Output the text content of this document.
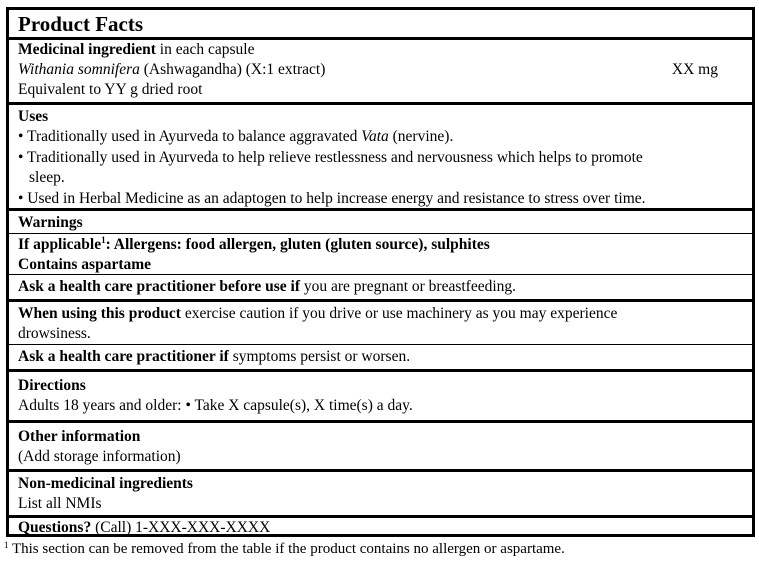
Product Facts
Medicinal ingredient in each capsule
Withania somnifera (Ashwagandha) (X:1 extract)	XX mg
Equivalent to YY g dried root
Uses
• Traditionally used in Ayurveda to balance aggravated Vata (nervine).
• Traditionally used in Ayurveda to help relieve restlessness and nervousness which helps to promote
sleep.
• Used in Herbal Medicine as an adaptogen to help increase energy and resistance to stress over time.
Warnings
If applicable$^1$: Allergens: food allergen, gluten (gluten source), sulphites
Contains aspartame
Ask a health care practitioner before use if you are pregnant or breastfeeding.
When using this product exercise caution if you drive or use machinery as you may experience
drowsiness.
Ask a health care practitioner if symptoms persist or worsen.
Directions
Adults 18 years and older: • Take X capsule(s), X time(s) a day.
Other information
(Add storage information)
Non-medicinal ingredients
List all NMIs
Questions? (Call) 1-XXX-XXX-XXXX
$^1$ This section can be removed from the table if the product contains no allergen or aspartame.
